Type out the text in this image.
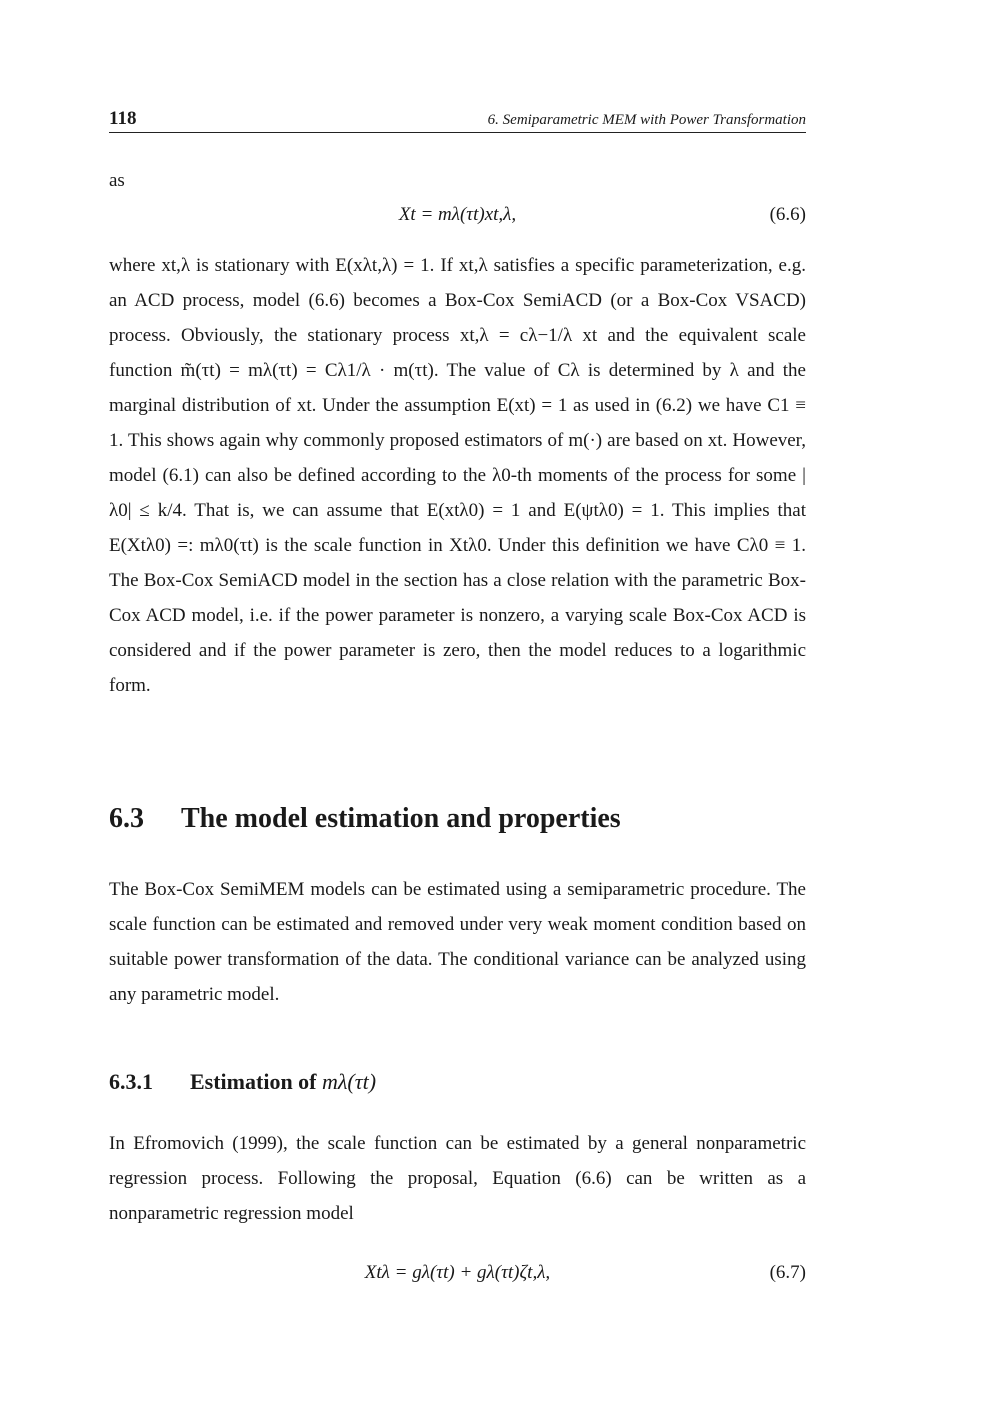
118	6. Semiparametric MEM with Power Transformation

as

Xt = mλ(τt)xt,λ,	(6.6)

where xt,λ is stationary with E(xλt,λ) = 1. If xt,λ satisfies a specific parameterization, e.g. an ACD process, model (6.6) becomes a Box-Cox SemiACD (or a Box-Cox VSACD) process. Obviously, the stationary process xt,λ = cλ−1/λ xt and the equivalent scale function m̃(τt) = mλ(τt) = Cλ1/λ · m(τt). The value of Cλ is determined by λ and the marginal distribution of xt. Under the assumption E(xt) = 1 as used in (6.2) we have C1 ≡ 1. This shows again why commonly proposed estimators of m(·) are based on xt. However, model (6.1) can also be defined according to the λ0-th moments of the process for some |λ0| ≤ k/4. That is, we can assume that E(xtλ0) = 1 and E(ψtλ0) = 1. This implies that E(Xtλ0) =: mλ0(τt) is the scale function in Xtλ0. Under this definition we have Cλ0 ≡ 1. The Box-Cox SemiACD model in the section has a close relation with the parametric Box-Cox ACD model, i.e. if the power parameter is nonzero, a varying scale Box-Cox ACD is considered and if the power parameter is zero, then the model reduces to a logarithmic form.

6.3 The model estimation and properties

The Box-Cox SemiMEM models can be estimated using a semiparametric procedure. The scale function can be estimated and removed under very weak moment condition based on suitable power transformation of the data. The conditional variance can be analyzed using any parametric model.

6.3.1 Estimation of mλ(τt)

In Efromovich (1999), the scale function can be estimated by a general nonparametric regression process. Following the proposal, Equation (6.6) can be written as a nonparametric regression model

Xtλ = gλ(τt) + gλ(τt)ζt,λ,	(6.7)
